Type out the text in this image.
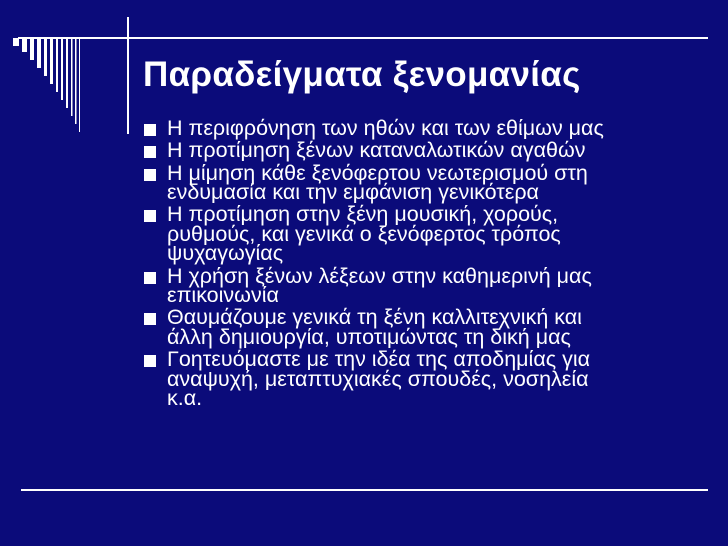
Παραδείγματα ξενομανίας
Η περιφρόνηση των ηθών και των εθίμων μας
Η προτίμηση ξένων καταναλωτικών αγαθών
Η μίμηση κάθε ξενόφερτου νεωτερισμού στη
ενδυμασία και την εμφάνιση γενικότερα
Η προτίμηση στην ξένη μουσική, χορούς,
ρυθμούς, και γενικά ο ξενόφερτος τρόπος
ψυχαγωγίας
Η χρήση ξένων λέξεων στην καθημερινή μας
επικοινωνία
Θαυμάζουμε γενικά τη ξένη καλλιτεχνική και
άλλη δημιουργία, υποτιμώντας τη δική μας
Γοητευόμαστε με την ιδέα της αποδημίας για
αναψυχή, μεταπτυχιακές σπουδές, νοσηλεία
κ.α.
